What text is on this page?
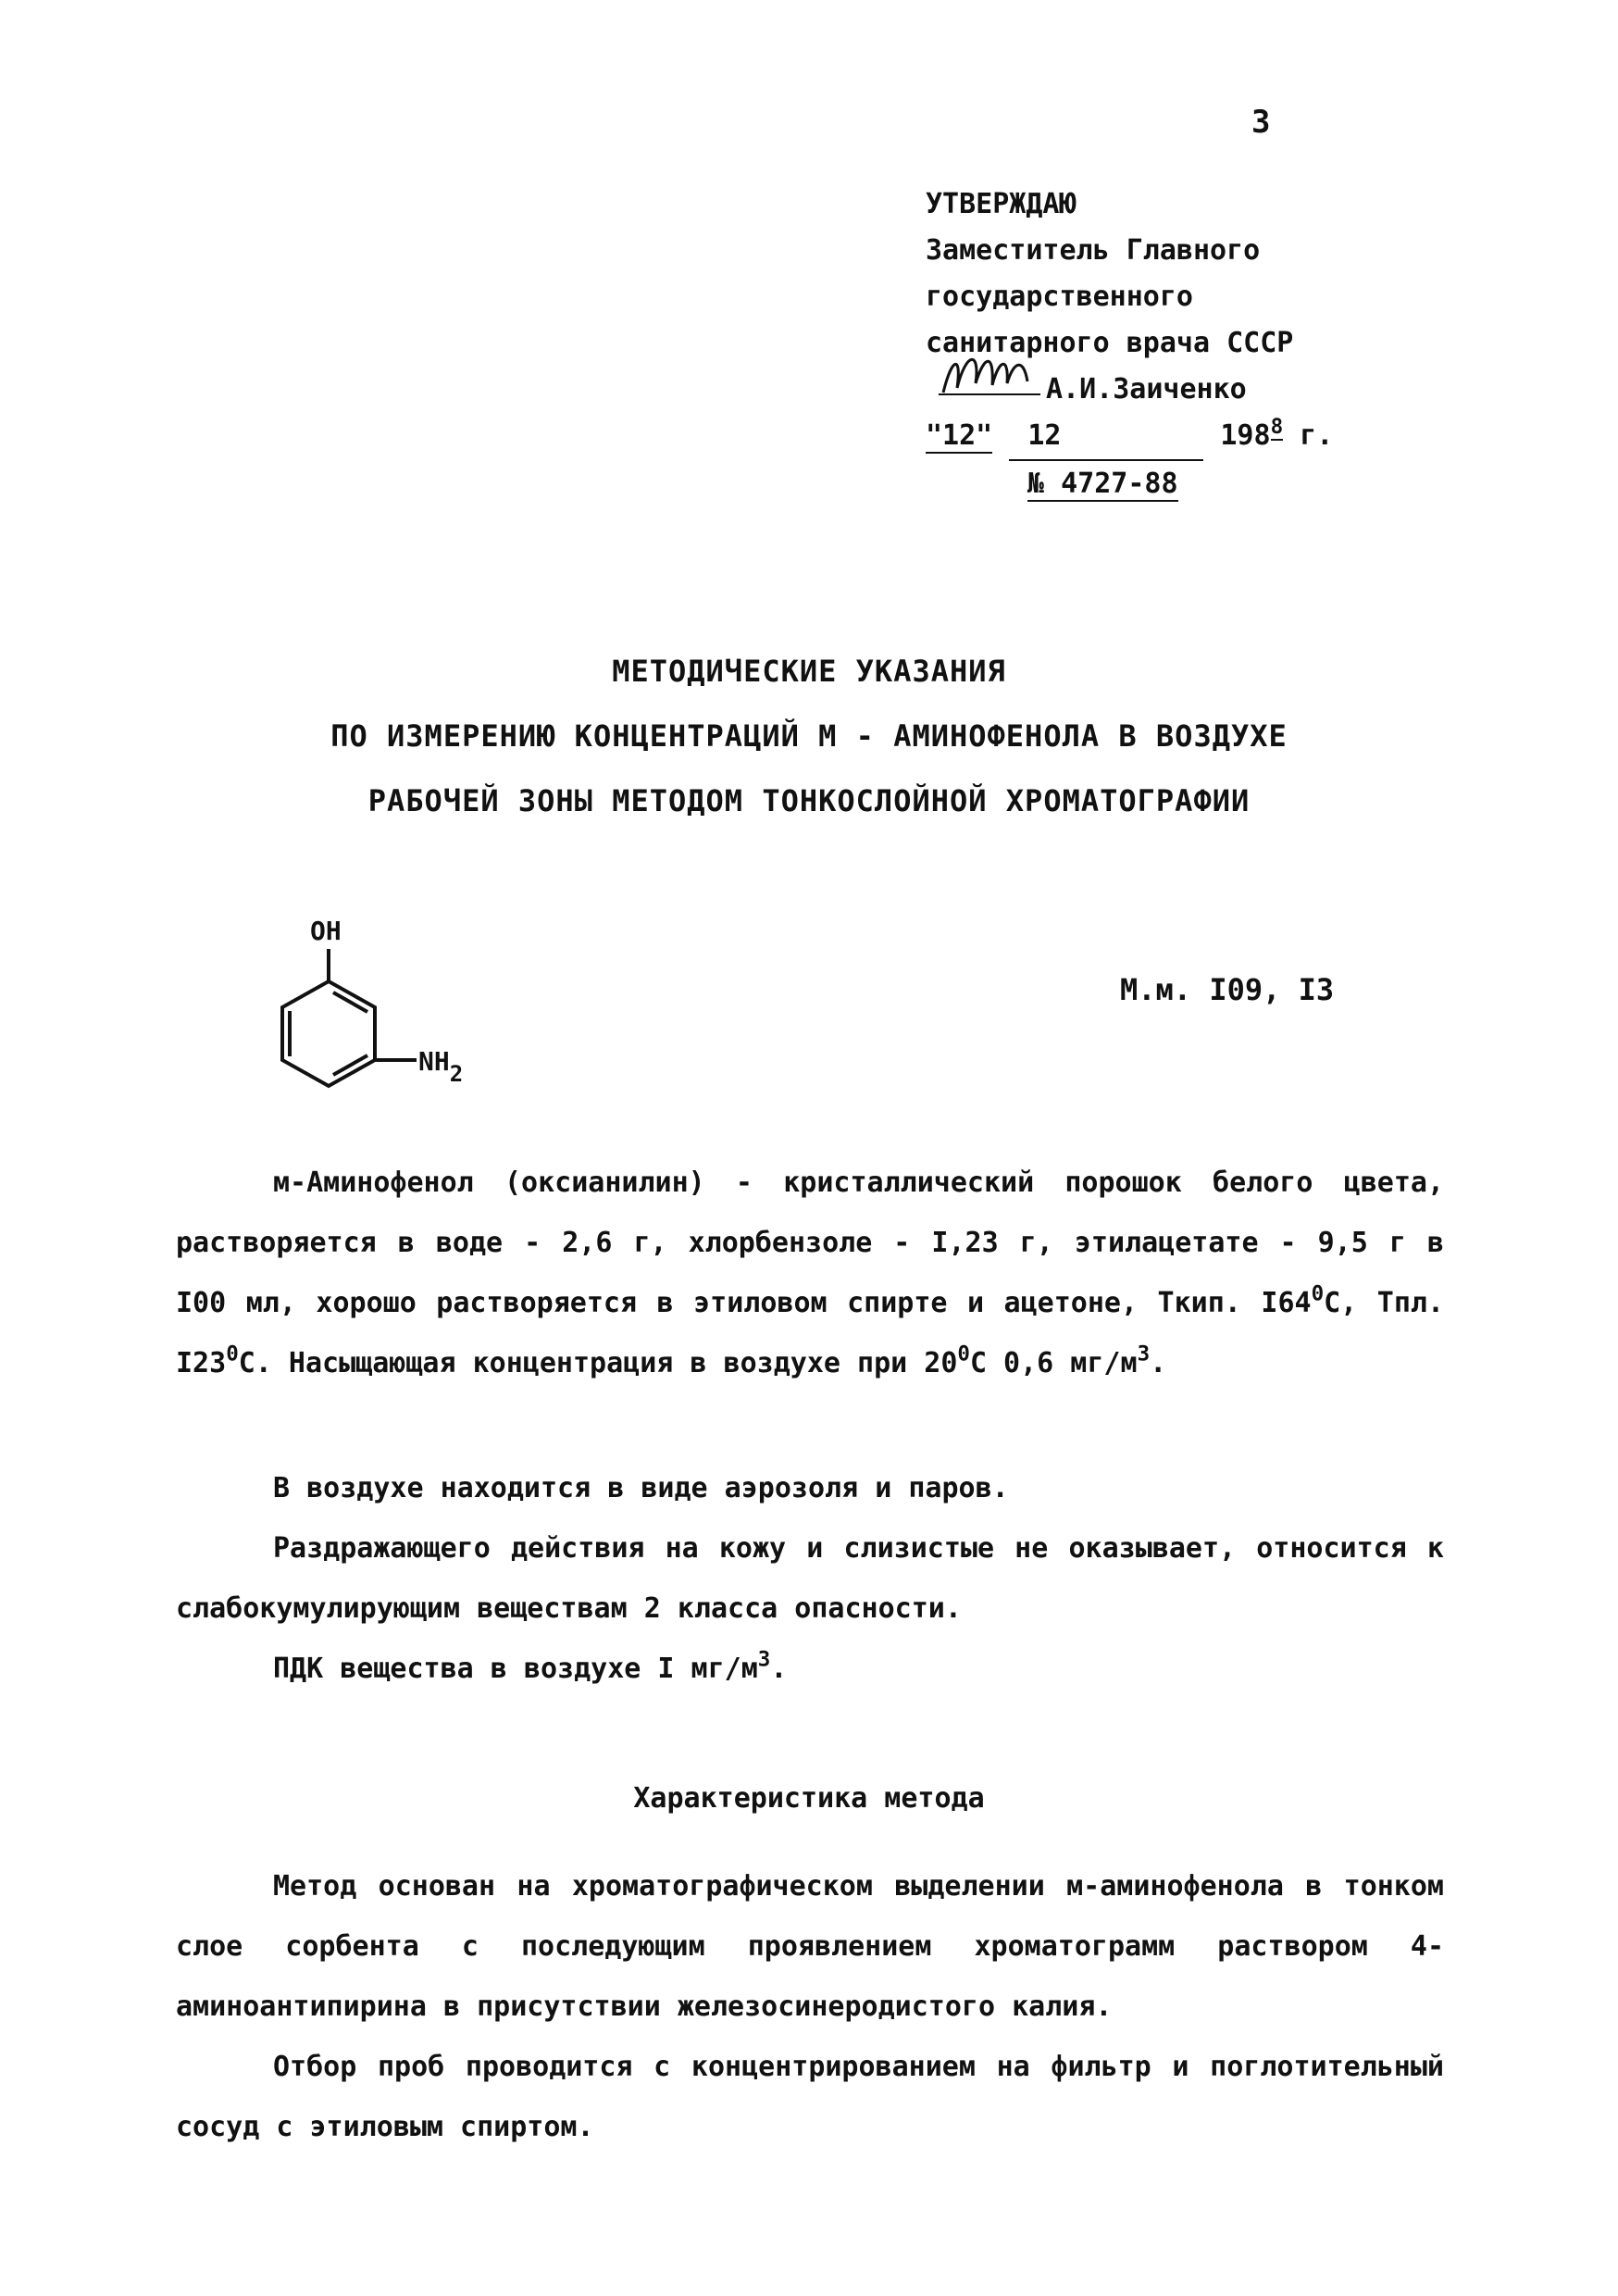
3
УТВЕРЖДАЮ
Заместитель Главного
государственного
санитарного врача СССР
А.И.Заиченко
"12" 12	$198^8$ г.
№ 4727-88
МЕТОДИЧЕСКИЕ УКАЗАНИЯ
ПО ИЗМЕРЕНИЮ КОНЦЕНТРАЦИЙ М - АМИНОФЕНОЛА В ВОЗДУХЕ
РАБОЧЕЙ ЗОНЫ МЕТОДОМ ТОНКОСЛОЙНОЙ ХРОМАТОГРАФИИ
OH
NH2
М.м. I09, I3
м-Аминофенол (оксианилин) - кристаллический порошок белого цвета, растворяется в воде - 2,6 г, хлорбензоле - I,23 г, этилацетате - 9,5 г в I00 мл, хорошо растворяется в этиловом спирте и ацетоне, Ткип. $I64^0С$, Тпл. $I23^0С$. Насыщающая концентрация в воздухе при $20^0С$ 0,6 $мг/м^3$.
В воздухе находится в виде аэрозоля и паров.
Раздражающего действия на кожу и слизистые не оказывает, относится к слабокумулирующим веществам 2 класса опасности.
ПДК вещества в воздухе I $мг/м^3$.
Характеристика метода
Метод основан на хроматографическом выделении м-аминофенола в тонком слое сорбента с последующим проявлением хроматограмм раствором 4-аминоантипирина в присутствии железосинеродистого калия.
Отбор проб проводится с концентрированием на фильтр и поглотительный сосуд с этиловым спиртом.
